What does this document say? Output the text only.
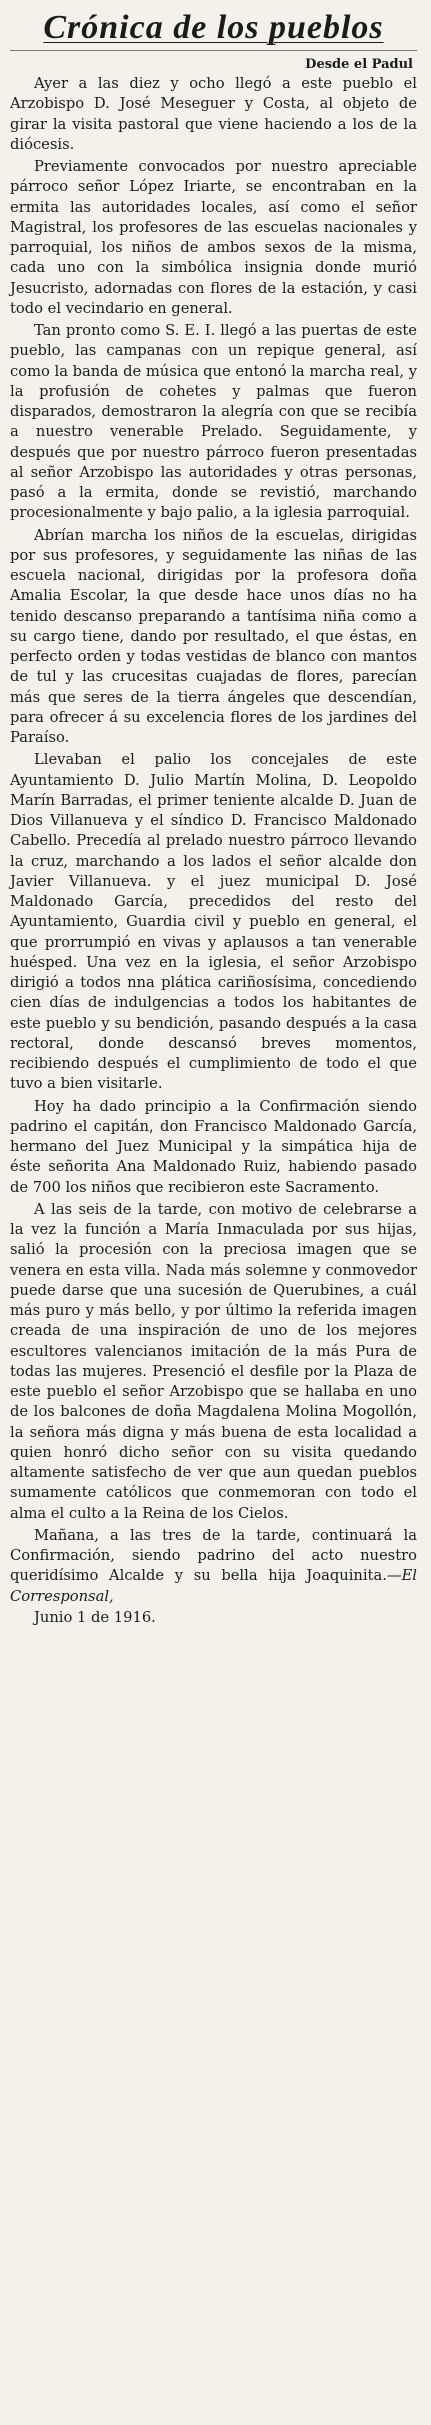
Crónica de los pueblos
Desde el Padul

Ayer a las diez y ocho llegó a este pueblo el Arzobispo D. José Meseguer y Costa, al objeto de girar la visita pastoral que viene haciendo a los de la diócesis.

Previamente convocados por nuestro apreciable párroco señor López Iriarte, se encontraban en la ermita las autoridades locales, así como el señor Magistral, los profesores de las escuelas nacionales y parroquial, los niños de ambos sexos de la misma, cada uno con la simbólica insignia donde murió Jesucristo, adornadas con flores de la estación, y casi todo el vecindario en general.

Tan pronto como S. E. I. llegó a las puertas de este pueblo, las campanas con un repique general, así como la banda de música que entonó la marcha real, y la profusión de cohetes y palmas que fueron disparados, demostraron la alegría con que se recibía a nuestro venerable Prelado. Seguidamente, y después que por nuestro párroco fueron presentadas al señor Arzobispo las autoridades y otras personas, pasó a la ermita, donde se revistió, marchando procesionalmente y bajo palio, a la iglesia parroquial.

Abrían marcha los niños de la escuelas, dirigidas por sus profesores, y seguidamente las niñas de las escuela nacional, dirigidas por la profesora doña Amalia Escolar, la que desde hace unos días no ha tenido descanso preparando a tantísima niña como a su cargo tiene, dando por resultado, el que éstas, en perfecto orden y todas vestidas de blanco con mantos de tul y las crucesitas cuajadas de flores, parecían más que seres de la tierra ángeles que descendían, para ofrecer á su excelencia flores de los jardines del Paraíso.

Llevaban el palio los concejales de este Ayuntamiento D. Julio Martín Molina, D. Leopoldo Marín Barradas, el primer teniente alcalde D. Juan de Dios Villanueva y el síndico D. Francisco Maldonado Cabello. Precedía al prelado nuestro párroco llevando la cruz, marchando a los lados el señor alcalde don Javier Villanueva. y el juez municipal D. José Maldonado García, precedidos del resto del Ayuntamiento, Guardia civil y pueblo en general, el que prorrumpió en vivas y aplausos a tan venerable huésped. Una vez en la iglesia, el señor Arzobispo dirigió a todos nna plática cariñosísima, concediendo cien días de indulgencias a todos los habitantes de este pueblo y su bendición, pasando después a la casa rectoral, donde descansó breves momentos, recibiendo después el cumplimiento de todo el que tuvo a bien visitarle.

Hoy ha dado principio a la Confirmación siendo padrino el capitán, don Francisco Maldonado García, hermano del Juez Municipal y la simpática hija de éste señorita Ana Maldonado Ruiz, habiendo pasado de 700 los niños que recibieron este Sacramento.

A las seis de la tarde, con motivo de celebrarse a la vez la función a María Inmaculada por sus hijas, salió la procesión con la preciosa imagen que se venera en esta villa. Nada más solemne y conmovedor puede darse que una sucesión de Querubines, a cuál más puro y más bello, y por último la referida imagen creada de una inspiración de uno de los mejores escultores valencianos imitación de la más Pura de todas las mujeres. Presenció el desfile por la Plaza de este pueblo el señor Arzobispo que se hallaba en uno de los balcones de doña Magdalena Molina Mogollón, la señora más digna y más buena de esta localidad a quien honró dicho señor con su visita quedando altamente satisfecho de ver que aun quedan pueblos sumamente católicos que conmemoran con todo el alma el culto a la Reina de los Cielos.

Mañana, a las tres de la tarde, continuará la Confirmación, siendo padrino del acto nuestro queridísimo Alcalde y su bella hija Joaquinita.—El Corresponsal,

Junio 1 de 1916.
